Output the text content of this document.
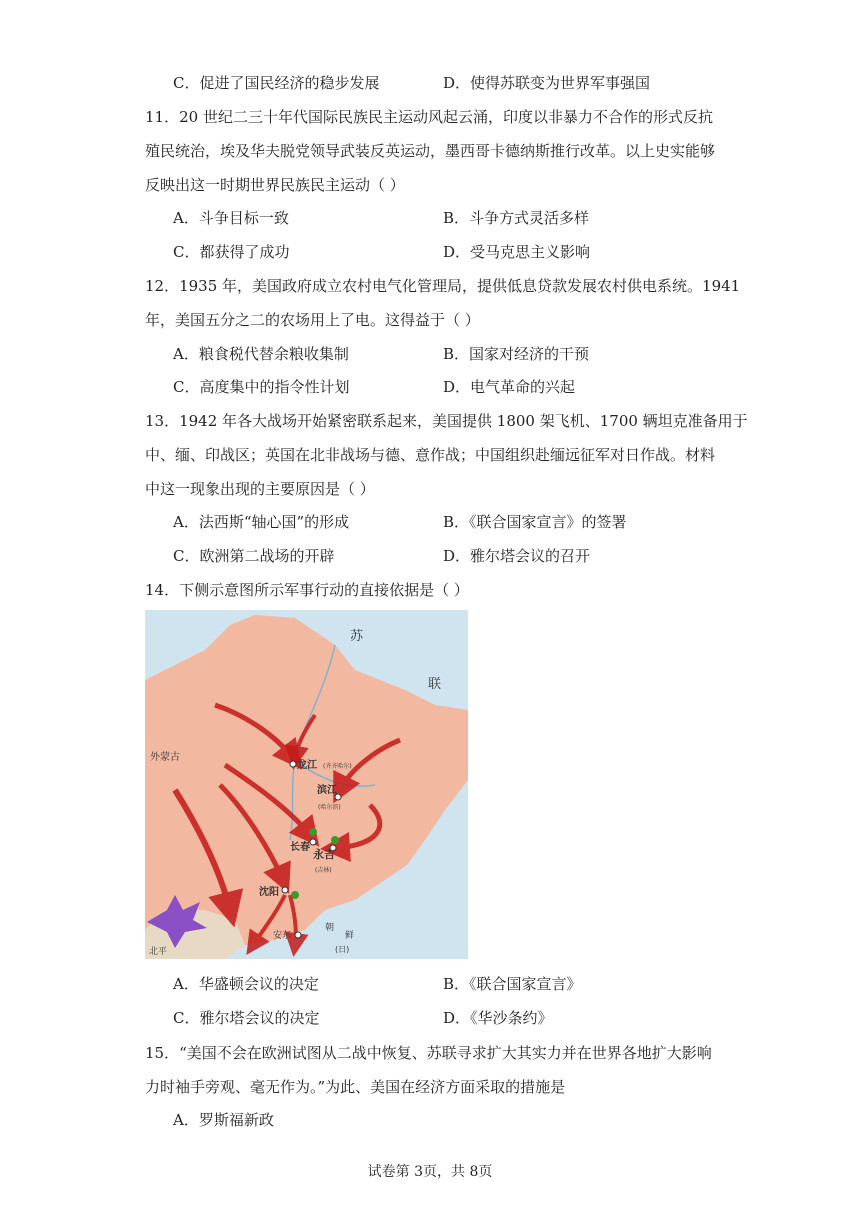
C．促进了国民经济的稳步发展	D．使得苏联变为世界军事强国
11．20 世纪二三十年代国际民族民主运动风起云涌，印度以非暴力不合作的形式反抗
殖民统治，埃及华夫脱党领导武装反英运动，墨西哥卡德纳斯推行改革。以上史实能够
反映出这一时期世界民族民主运动（ ）
A．斗争目标一致	B．斗争方式灵活多样
C．都获得了成功	D．受马克思主义影响
12．1935 年，美国政府成立农村电气化管理局，提供低息贷款发展农村供电系统。1941
年，美国五分之二的农场用上了电。这得益于（ ）
A．粮食税代替余粮收集制	B．国家对经济的干预
C．高度集中的指令性计划	D．电气革命的兴起
13．1942 年各大战场开始紧密联系起来，美国提供 1800 架飞机、1700 辆坦克准备用于
中、缅、印战区；英国在北非战场与德、意作战；中国组织赴缅远征军对日作战。材料
中这一现象出现的主要原因是（ ）
A．法西斯“轴心国”的形成	B．《联合国家宣言》的签署
C．欧洲第二战场的开辟	D．雅尔塔会议的召开
14．下侧示意图所示军事行动的直接依据是（ ）
苏
联
外蒙古
龙江 (齐齐哈尔)
滨江
(哈尔滨)
长春
永吉
(吉林)
沈阳
安东
朝
鲜
(日)
北平
A．华盛顿会议的决定	B．《联合国家宣言》
C．雅尔塔会议的决定	D．《华沙条约》
15．“美国不会在欧洲试图从二战中恢复、苏联寻求扩大其实力并在世界各地扩大影响
力时袖手旁观、毫无作为。”为此、美国在经济方面采取的措施是
A．罗斯福新政
试卷第 3页，共 8页
